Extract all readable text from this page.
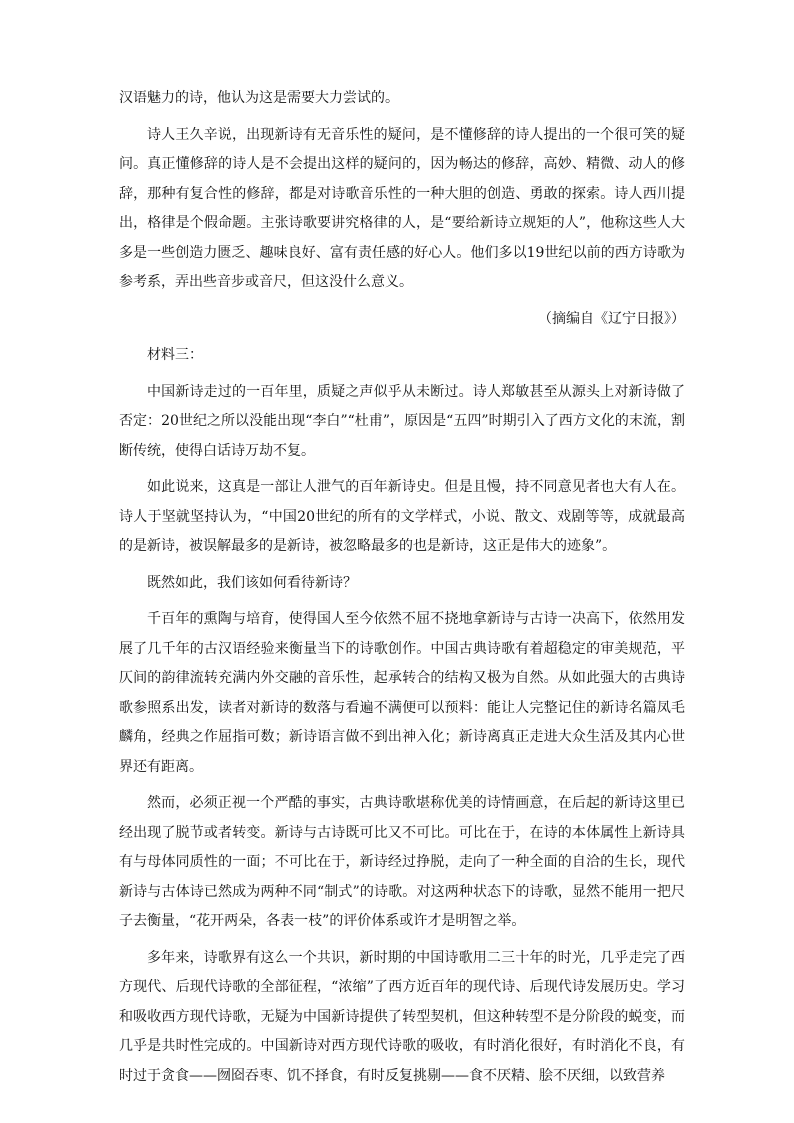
汉语魅力的诗，他认为这是需要大力尝试的。

诗人王久辛说，出现新诗有无音乐性的疑问，是不懂修辞的诗人提出的一个很可笑的疑问。真正懂修辞的诗人是不会提出这样的疑问的，因为畅达的修辞，高妙、精微、动人的修辞，那种有复合性的修辞，都是对诗歌音乐性的一种大胆的创造、勇敢的探索。诗人西川提出，格律是个假命题。主张诗歌要讲究格律的人，是“要给新诗立规矩的人”，他称这些人大多是一些创造力匮乏、趣味良好、富有责任感的好心人。他们多以19世纪以前的西方诗歌为参考系，弄出些音步或音尺，但这没什么意义。

（摘编自《辽宁日报》）

材料三：

中国新诗走过的一百年里，质疑之声似乎从未断过。诗人郑敏甚至从源头上对新诗做了否定：20世纪之所以没能出现“李白”“杜甫”，原因是“五四”时期引入了西方文化的末流，割断传统，使得白话诗万劫不复。

如此说来，这真是一部让人泄气的百年新诗史。但是且慢，持不同意见者也大有人在。诗人于坚就坚持认为，“中国20世纪的所有的文学样式，小说、散文、戏剧等等，成就最高的是新诗，被误解最多的是新诗，被忽略最多的也是新诗，这正是伟大的迹象”。

既然如此，我们该如何看待新诗？

千百年的熏陶与培育，使得国人至今依然不屈不挠地拿新诗与古诗一决高下，依然用发展了几千年的古汉语经验来衡量当下的诗歌创作。中国古典诗歌有着超稳定的审美规范，平仄间的韵律流转充满内外交融的音乐性，起承转合的结构又极为自然。从如此强大的古典诗歌参照系出发，读者对新诗的数落与看遍不满便可以预料：能让人完整记住的新诗名篇凤毛麟角，经典之作屈指可数；新诗语言做不到出神入化；新诗离真正走进大众生活及其内心世界还有距离。

然而，必须正视一个严酷的事实，古典诗歌堪称优美的诗情画意，在后起的新诗这里已经出现了脱节或者转变。新诗与古诗既可比又不可比。可比在于，在诗的本体属性上新诗具有与母体同质性的一面；不可比在于，新诗经过挣脱，走向了一种全面的自洽的生长，现代新诗与古体诗已然成为两种不同“制式”的诗歌。对这两种状态下的诗歌，显然不能用一把尺子去衡量，“花开两朵，各表一枝”的评价体系或许才是明智之举。

多年来，诗歌界有这么一个共识，新时期的中国诗歌用二三十年的时光，几乎走完了西方现代、后现代诗歌的全部征程，“浓缩”了西方近百年的现代诗、后现代诗发展历史。学习和吸收西方现代诗歌，无疑为中国新诗提供了转型契机，但这种转型不是分阶段的蜕变，而几乎是共时性完成的。中国新诗对西方现代诗歌的吸收，有时消化很好，有时消化不良，有时过于贪食——囫囵吞枣、饥不择食，有时反复挑剔——食不厌精、脍不厌细，以致营养
